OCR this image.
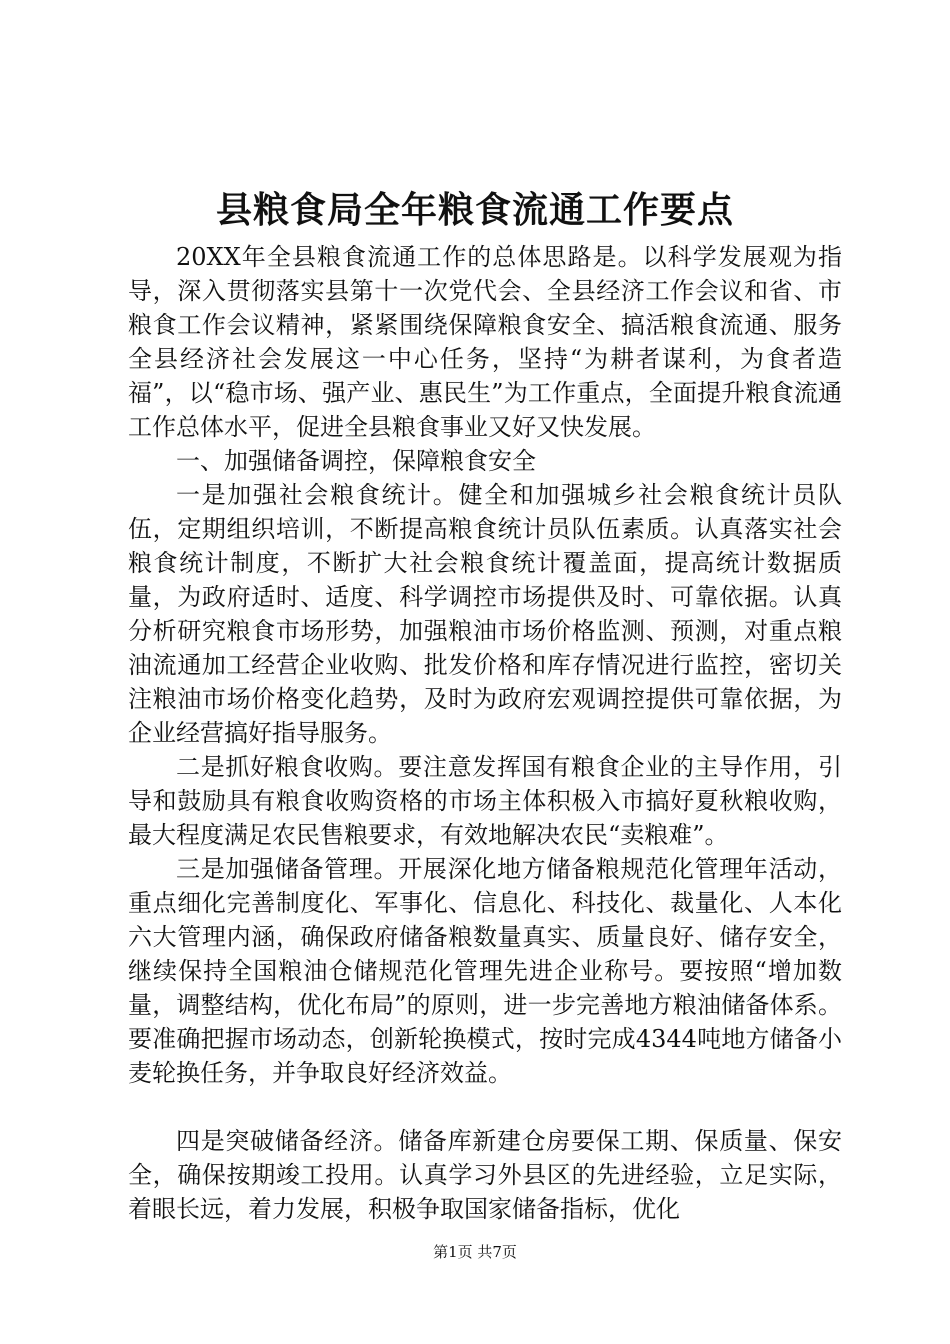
县粮食局全年粮食流通工作要点

20XX年全县粮食流通工作的总体思路是。以科学发展观为指导，深入贯彻落实县第十一次党代会、全县经济工作会议和省、市粮食工作会议精神，紧紧围绕保障粮食安全、搞活粮食流通、服务全县经济社会发展这一中心任务，坚持“为耕者谋利，为食者造福”，以“稳市场、强产业、惠民生”为工作重点，全面提升粮食流通工作总体水平，促进全县粮食事业又好又快发展。

一、加强储备调控，保障粮食安全

一是加强社会粮食统计。健全和加强城乡社会粮食统计员队伍，定期组织培训，不断提高粮食统计员队伍素质。认真落实社会粮食统计制度，不断扩大社会粮食统计覆盖面，提高统计数据质量，为政府适时、适度、科学调控市场提供及时、可靠依据。认真分析研究粮食市场形势，加强粮油市场价格监测、预测，对重点粮油流通加工经营企业收购、批发价格和库存情况进行监控，密切关注粮油市场价格变化趋势，及时为政府宏观调控提供可靠依据，为企业经营搞好指导服务。

二是抓好粮食收购。要注意发挥国有粮食企业的主导作用，引导和鼓励具有粮食收购资格的市场主体积极入市搞好夏秋粮收购，最大程度满足农民售粮要求，有效地解决农民“卖粮难”。

三是加强储备管理。开展深化地方储备粮规范化管理年活动，重点细化完善制度化、军事化、信息化、科技化、裁量化、人本化六大管理内涵，确保政府储备粮数量真实、质量良好、储存安全，继续保持全国粮油仓储规范化管理先进企业称号。要按照“增加数量，调整结构，优化布局”的原则，进一步完善地方粮油储备体系。要准确把握市场动态，创新轮换模式，按时完成4344吨地方储备小麦轮换任务，并争取良好经济效益。

四是突破储备经济。储备库新建仓房要保工期、保质量、保安全，确保按期竣工投用。认真学习外县区的先进经验，立足实际，着眼长远，着力发展，积极争取国家储备指标，优化

第1页 共7页
